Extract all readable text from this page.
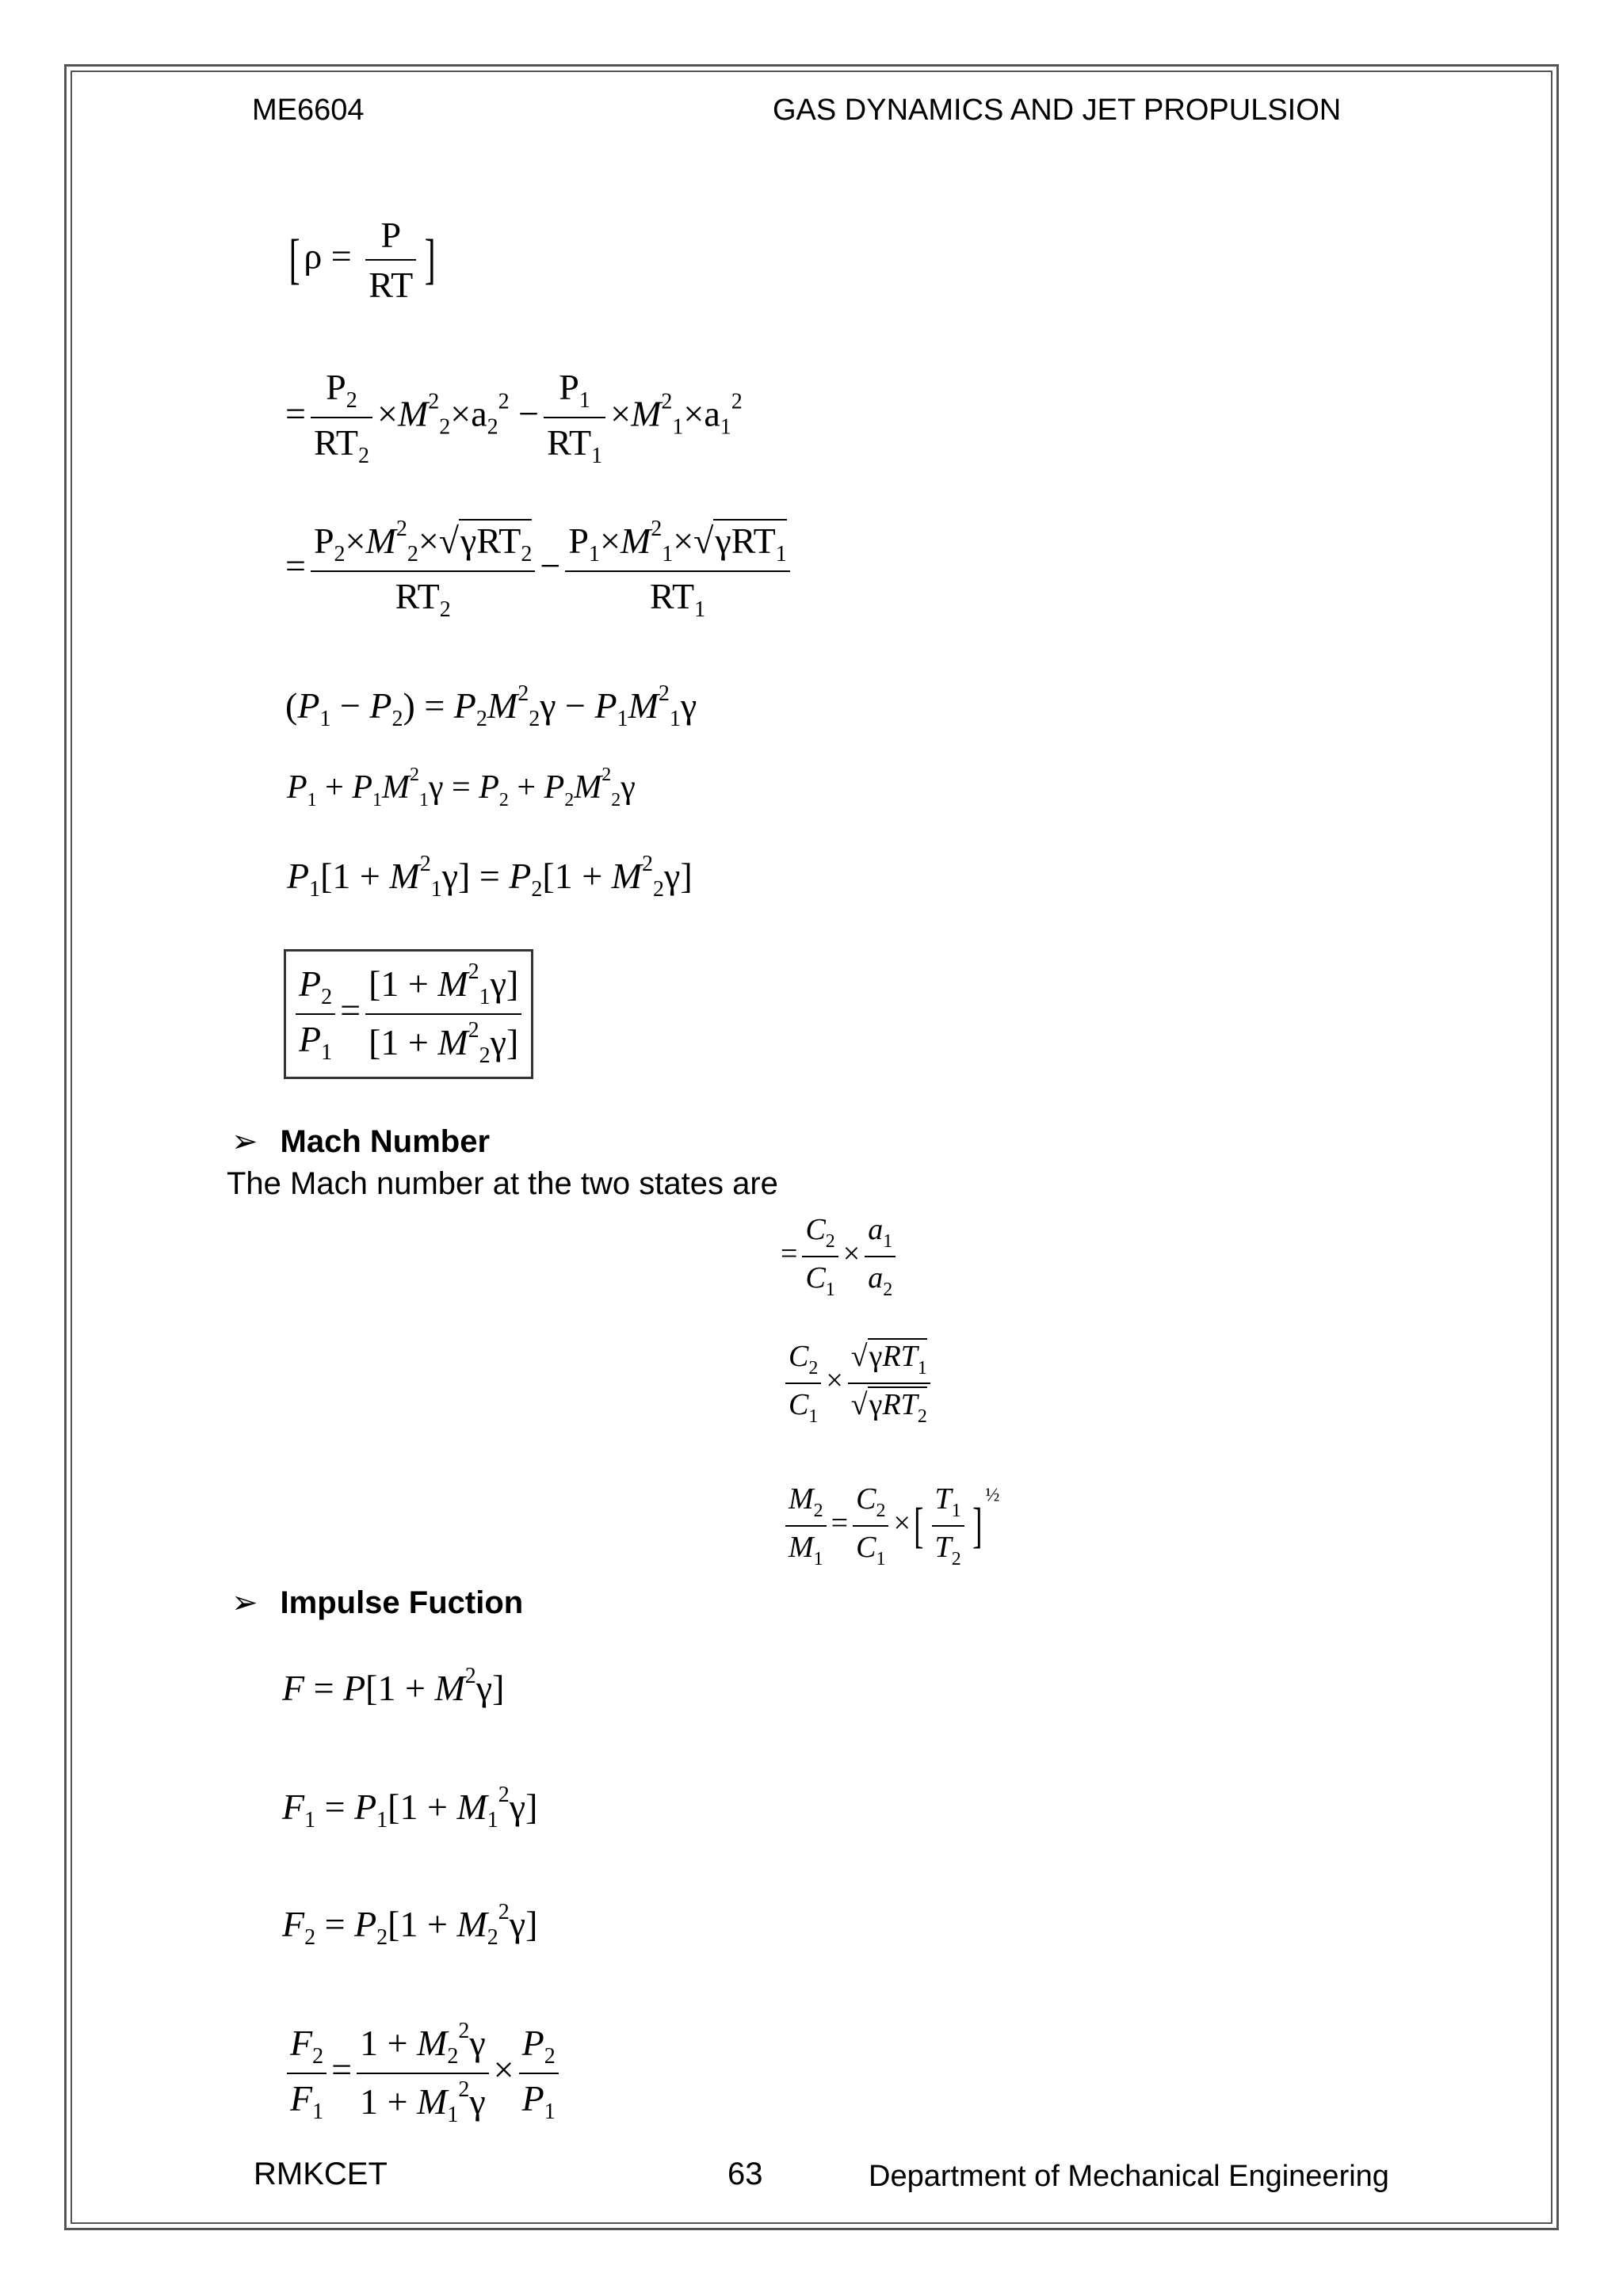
ME6604	GAS DYNAMICS AND JET PROPULSION
[ $\rho = \frac{P}{RT}$ ]
= $\frac{P_2}{RT_2} \times M^2_2\times a_2^2 - \frac{P_1}{RT_1} \times M^2_1\times a_1^2$
= $\frac{P_2\times M^2_2\times√\gamma RT_2}{RT_2} - \frac{P_1\times M^2_1\times√\gamma RT_1}{RT_1}$
$(P_1 - P_2) = P_2M^2_2\gamma - P_1M^2_1\gamma$
$P_1 + P_1M^2_1\gamma = P_2 + P_2M^2_2\gamma$
$P_1[1 + M^2_1\gamma] = P_2[1 + M^2_2\gamma]$
$\frac{P_2}{P_1} = \frac{[1 + M^2_1\gamma]}{[1 + M^2_2\gamma]}$
➢ Mach Number
The Mach number at the two states are
= $\frac{C_2}{C_1} \times \frac{a_1}{a_2}$
$\frac{C_2}{C_1} \times \frac{√\gamma RT_1}{√\gamma RT_2}$
$\frac{M_2}{M_1} = \frac{C_2}{C_1}$ ×[ $\frac{T_1}{T_2} ]^{\frac{1}{2}}$
➢ Impulse Fuction
$F = P[1 + M^2\gamma]$
$F_1 = P_1[1 + M_1^2\gamma]$
$F_2 = P_2[1 + M_2^2\gamma]$
$\frac{F_2}{F_1} = \frac{1 + M_2^2\gamma}{1 + M_1^2\gamma} \times \frac{P_2}{P_1}$
RMKCET	63	Department of Mechanical Engineering
